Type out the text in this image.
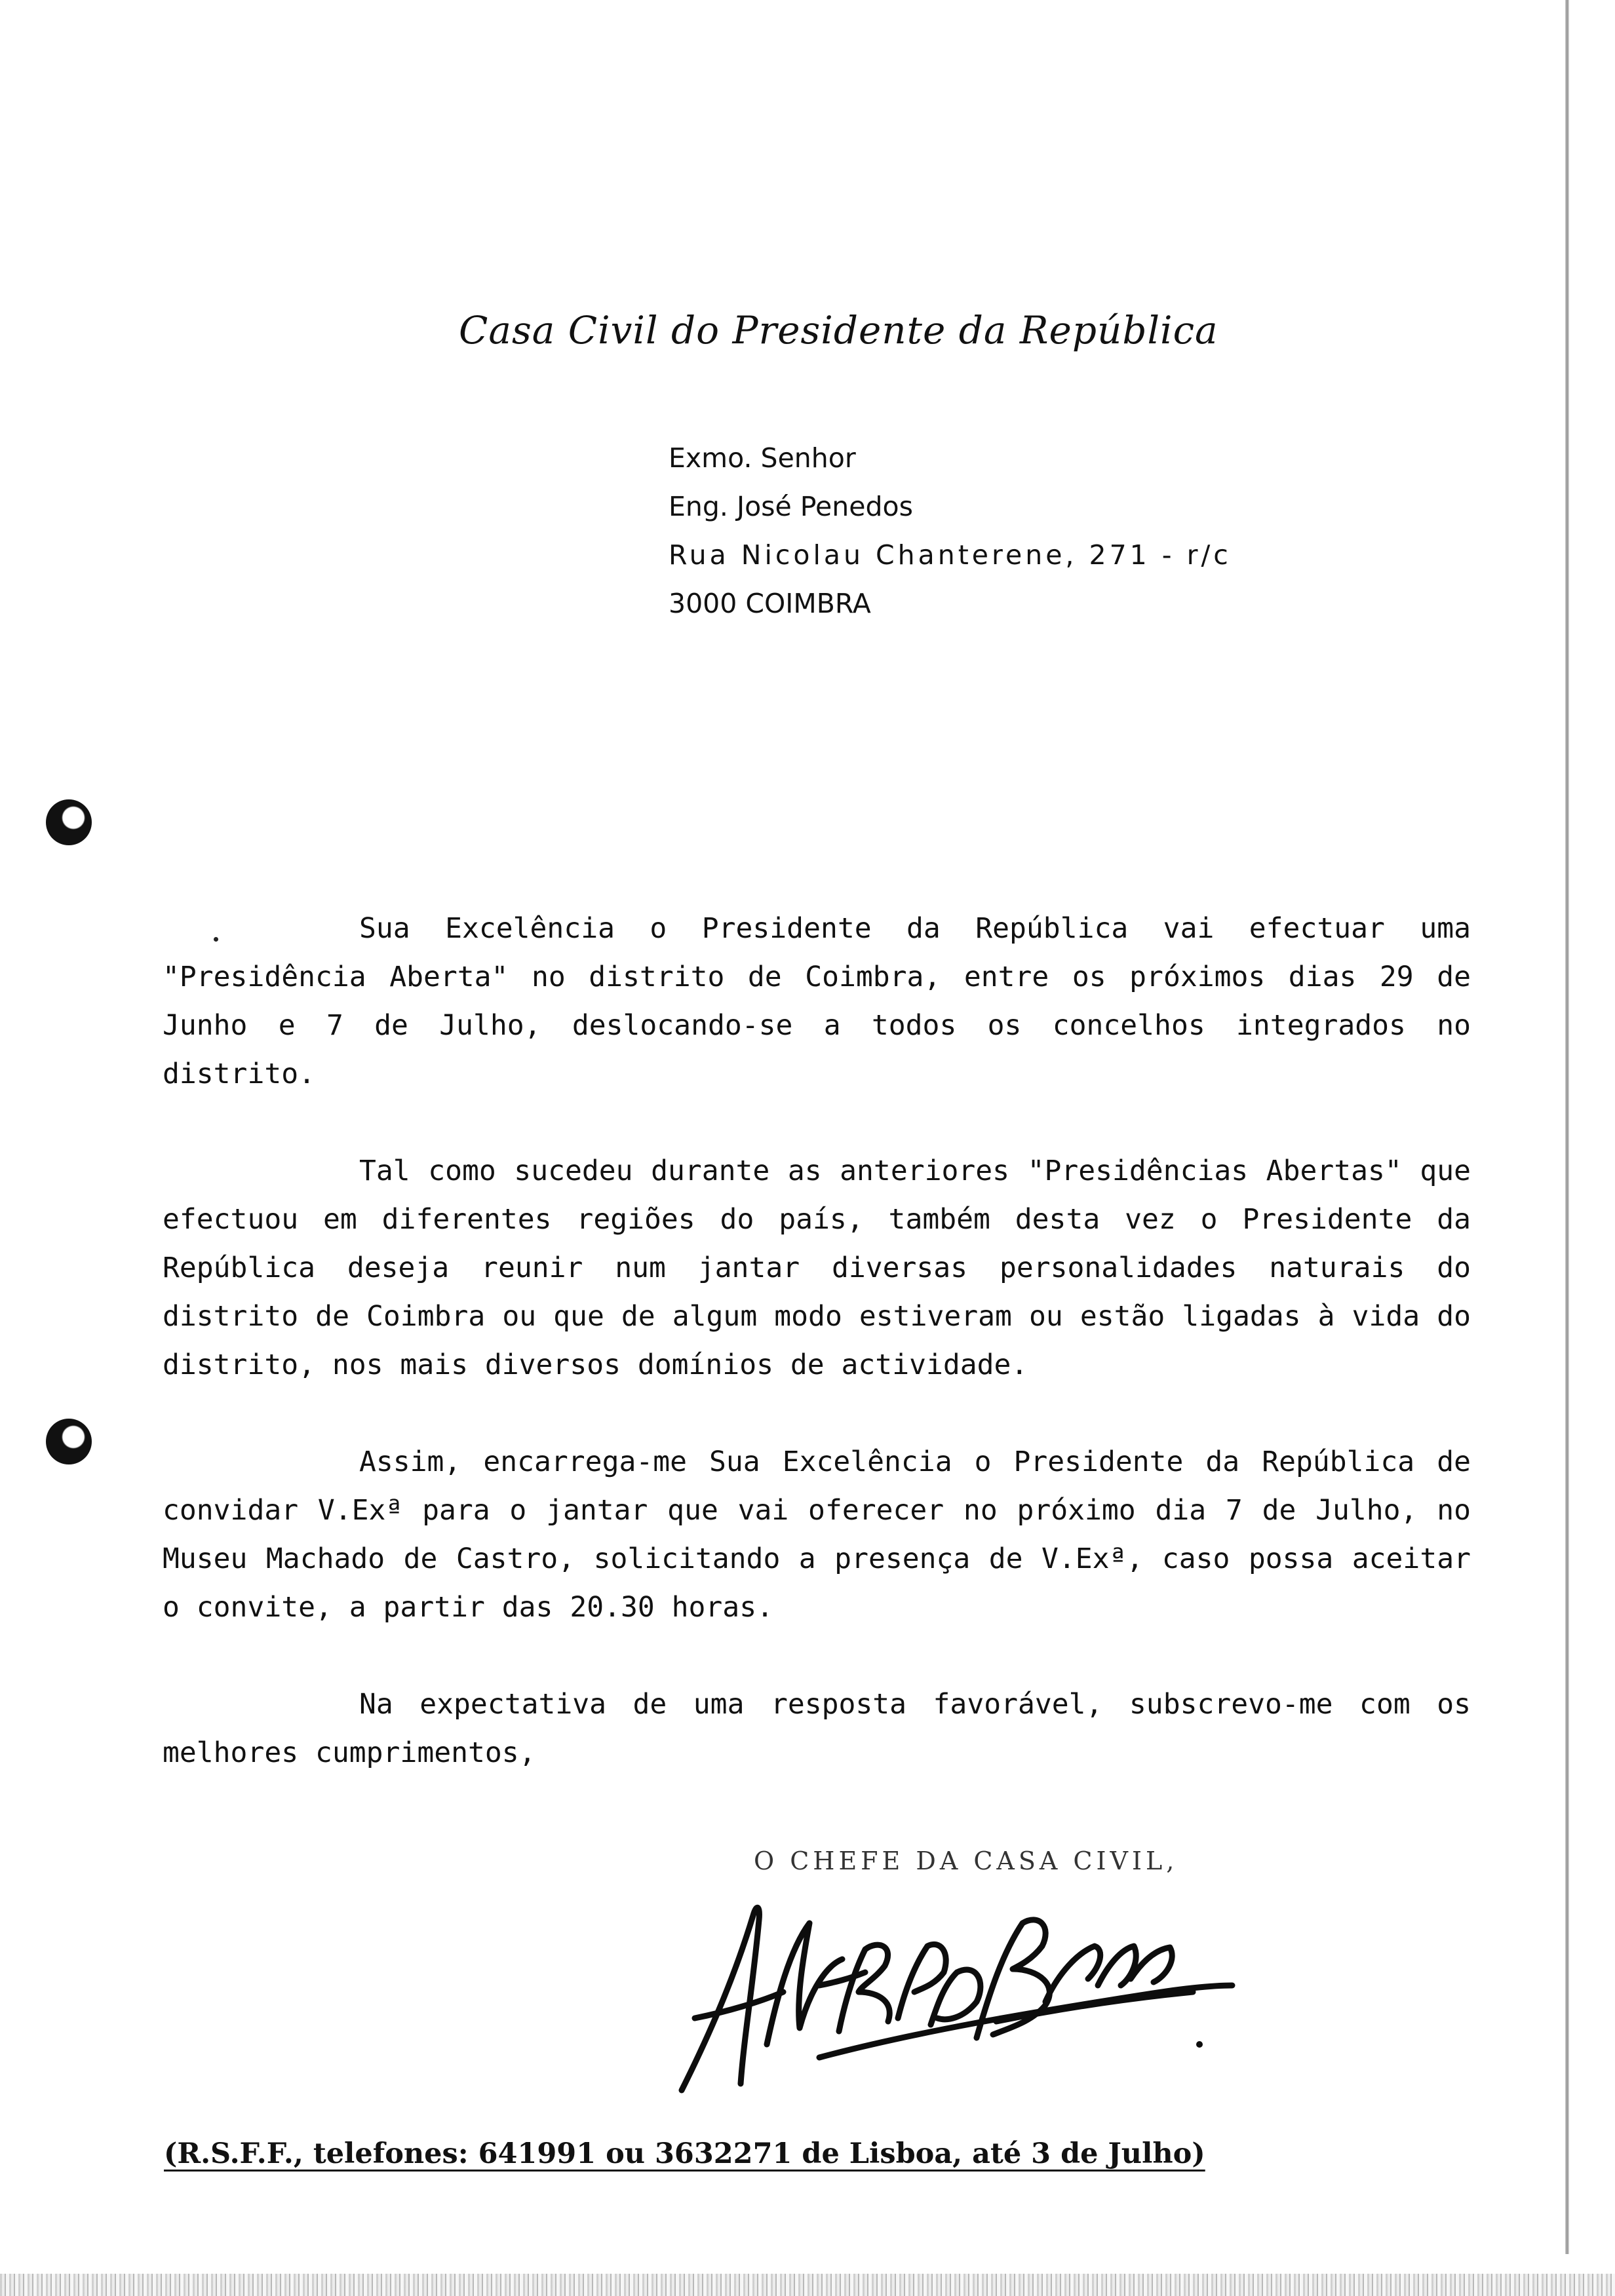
Casa Civil do Presidente da República
Exmo. Senhor
Eng. José Penedos
Rua Nicolau Chanterene, 271 - r/c
3000 COIMBRA

Sua Excelência o Presidente da República vai efectuar uma "Presidência Aberta" no distrito de Coimbra, entre os próximos dias 29 de Junho e 7 de Julho, deslocando-se a todos os concelhos integrados no distrito.

Tal como sucedeu durante as anteriores "Presidências Abertas" que efectuou em diferentes regiões do país, também desta vez o Presidente da República deseja reunir num jantar diversas personalidades naturais do distrito de Coimbra ou que de algum modo estiveram ou estão ligadas à vida do distrito, nos mais diversos domínios de actividade.

Assim, encarrega-me Sua Excelência o Presidente da República de convidar V.Exª para o jantar que vai oferecer no próximo dia 7 de Julho, no Museu Machado de Castro, solicitando a presença de V.Exª, caso possa aceitar o convite, a partir das 20.30 horas.

Na expectativa de uma resposta favorável, subscrevo-me com os melhores cumprimentos,

O CHEFE DA CASA CIVIL,
(R.S.F.F., telefones: 641991 ou 3632271 de Lisboa, até 3 de Julho)
